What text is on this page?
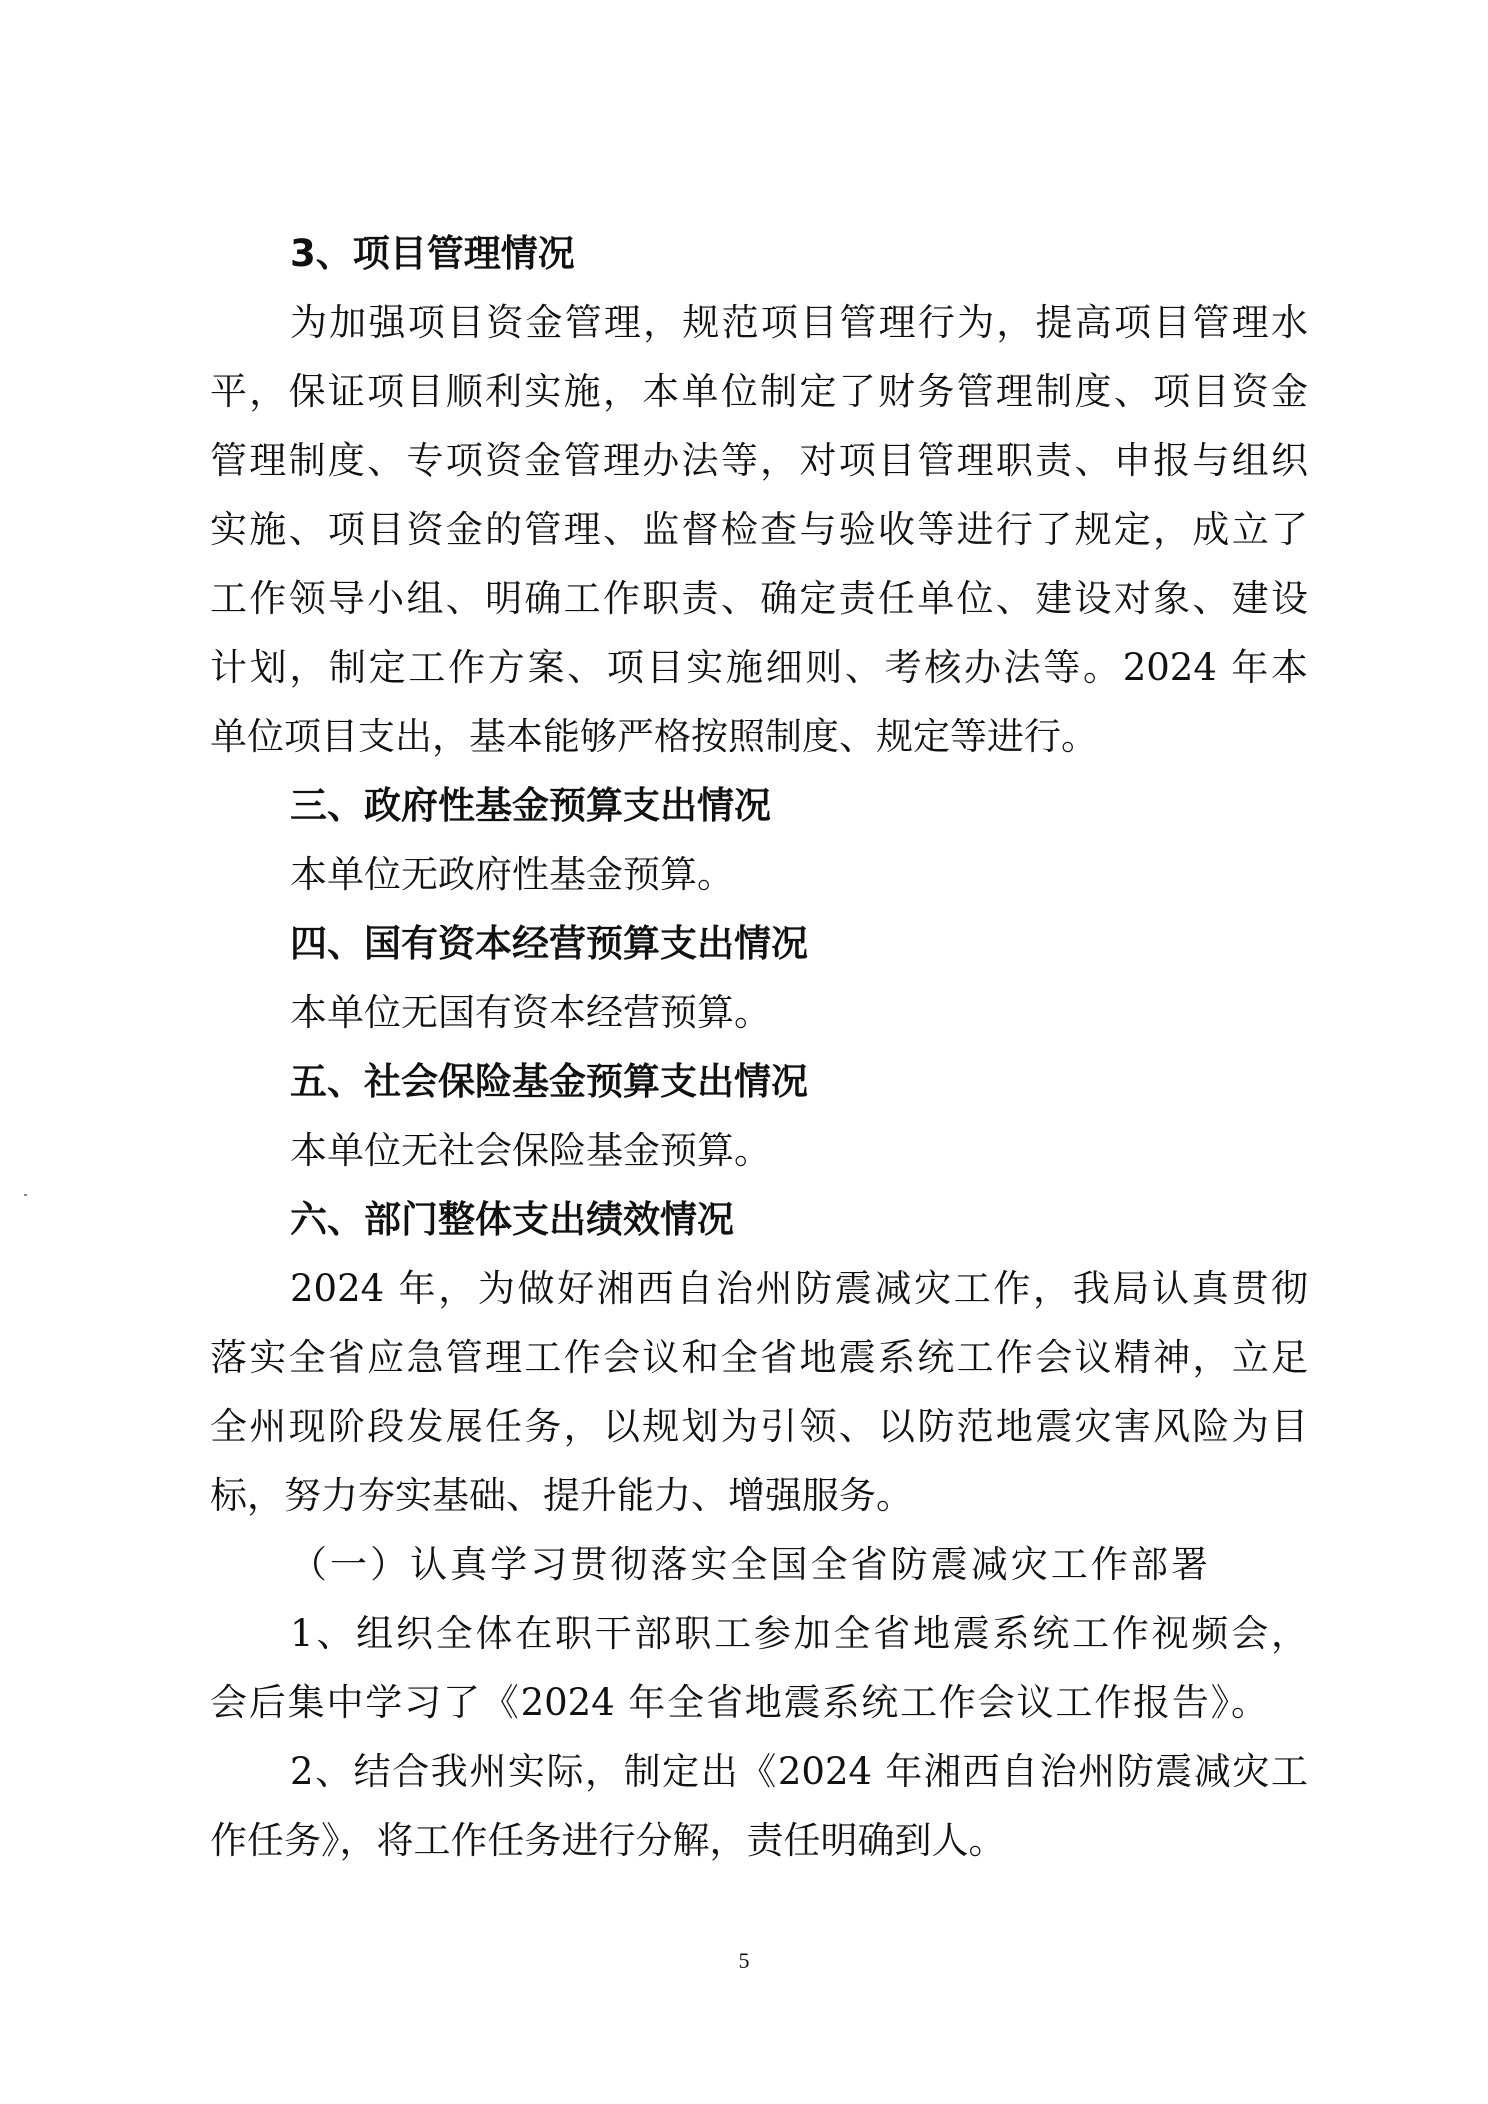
3、项目管理情况
为加强项目资金管理，规范项目管理行为，提高项目管理水
平，保证项目顺利实施，本单位制定了财务管理制度、项目资金
管理制度、专项资金管理办法等，对项目管理职责、申报与组织
实施、项目资金的管理、监督检查与验收等进行了规定，成立了
工作领导小组、明确工作职责、确定责任单位、建设对象、建设
计划，制定工作方案、项目实施细则、考核办法等。2024 年本
单位项目支出，基本能够严格按照制度、规定等进行。
三、政府性基金预算支出情况
本单位无政府性基金预算。
四、国有资本经营预算支出情况
本单位无国有资本经营预算。
五、社会保险基金预算支出情况
本单位无社会保险基金预算。
六、部门整体支出绩效情况
2024 年，为做好湘西自治州防震减灾工作，我局认真贯彻
落实全省应急管理工作会议和全省地震系统工作会议精神，立足
全州现阶段发展任务，以规划为引领、以防范地震灾害风险为目
标，努力夯实基础、提升能力、增强服务。
（一）认真学习贯彻落实全国全省防震减灾工作部署
1、组织全体在职干部职工参加全省地震系统工作视频会，
会后集中学习了《2024 年全省地震系统工作会议工作报告》。
2、结合我州实际，制定出《2024 年湘西自治州防震减灾工
作任务》，将工作任务进行分解，责任明确到人。
5
